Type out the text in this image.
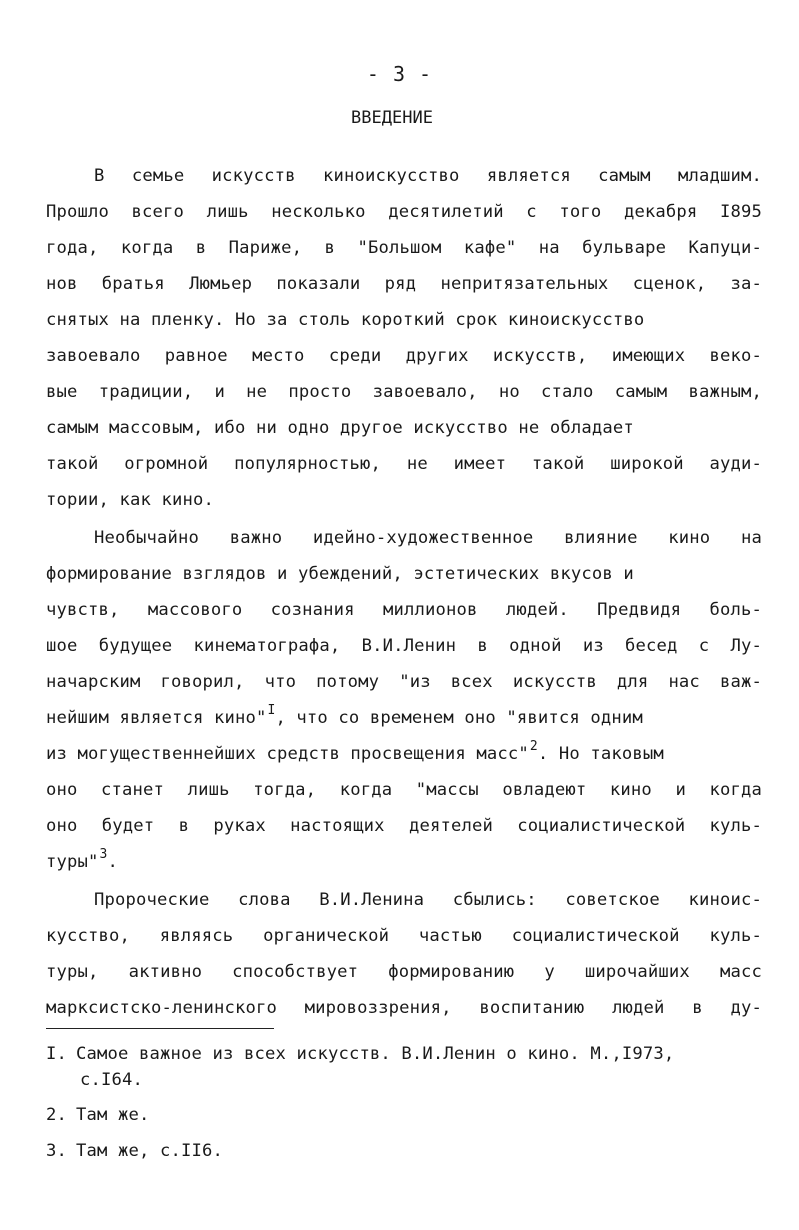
- 3 -
ВВЕДЕНИЕ
В семье искусств киноискусство является самым младшим.
Прошло всего лишь несколько десятилетий с того декабря I895
года, когда в Париже, в "Большом кафе" на бульваре Капуци-
нов братья Люмьер показали ряд непритязательных сценок, за-
снятых на пленку. Но за столь короткий срок киноискусство
завоевало равное место среди других искусств, имеющих веко-
вые традиции, и не просто завоевало, но стало самым важным,
самым массовым, ибо ни одно другое искусство не обладает
такой огромной популярностью, не имеет такой широкой ауди-
тории, как кино.
Необычайно важно идейно-художественное влияние кино на
формирование взглядов и убеждений, эстетических вкусов и
чувств, массового сознания миллионов людей. Предвидя боль-
шое будущее кинематографа, В.И.Ленин в одной из бесед с Лу-
начарским говорил, что потому "из всех искусств для нас важ-
нейшим является кино"$^I$, что со временем оно "явится одним
из могущественнейших средств просвещения масс"$^2$. Но таковым
оно станет лишь тогда, когда "массы овладеют кино и когда
оно будет в руках настоящих деятелей социалистической куль-
туры"$^3$.
Пророческие слова В.И.Ленина сбылись: советское киноис-
кусство, являясь органической частью социалистической куль-
туры, активно способствует формированию у широчайших масс
марксистско-ленинского мировоззрения, воспитанию людей в ду-
I. Самое важное из всех искусств. В.И.Ленин о кино. М.,I973,
с.I64.
2. Там же.
3. Там же, с.II6.
